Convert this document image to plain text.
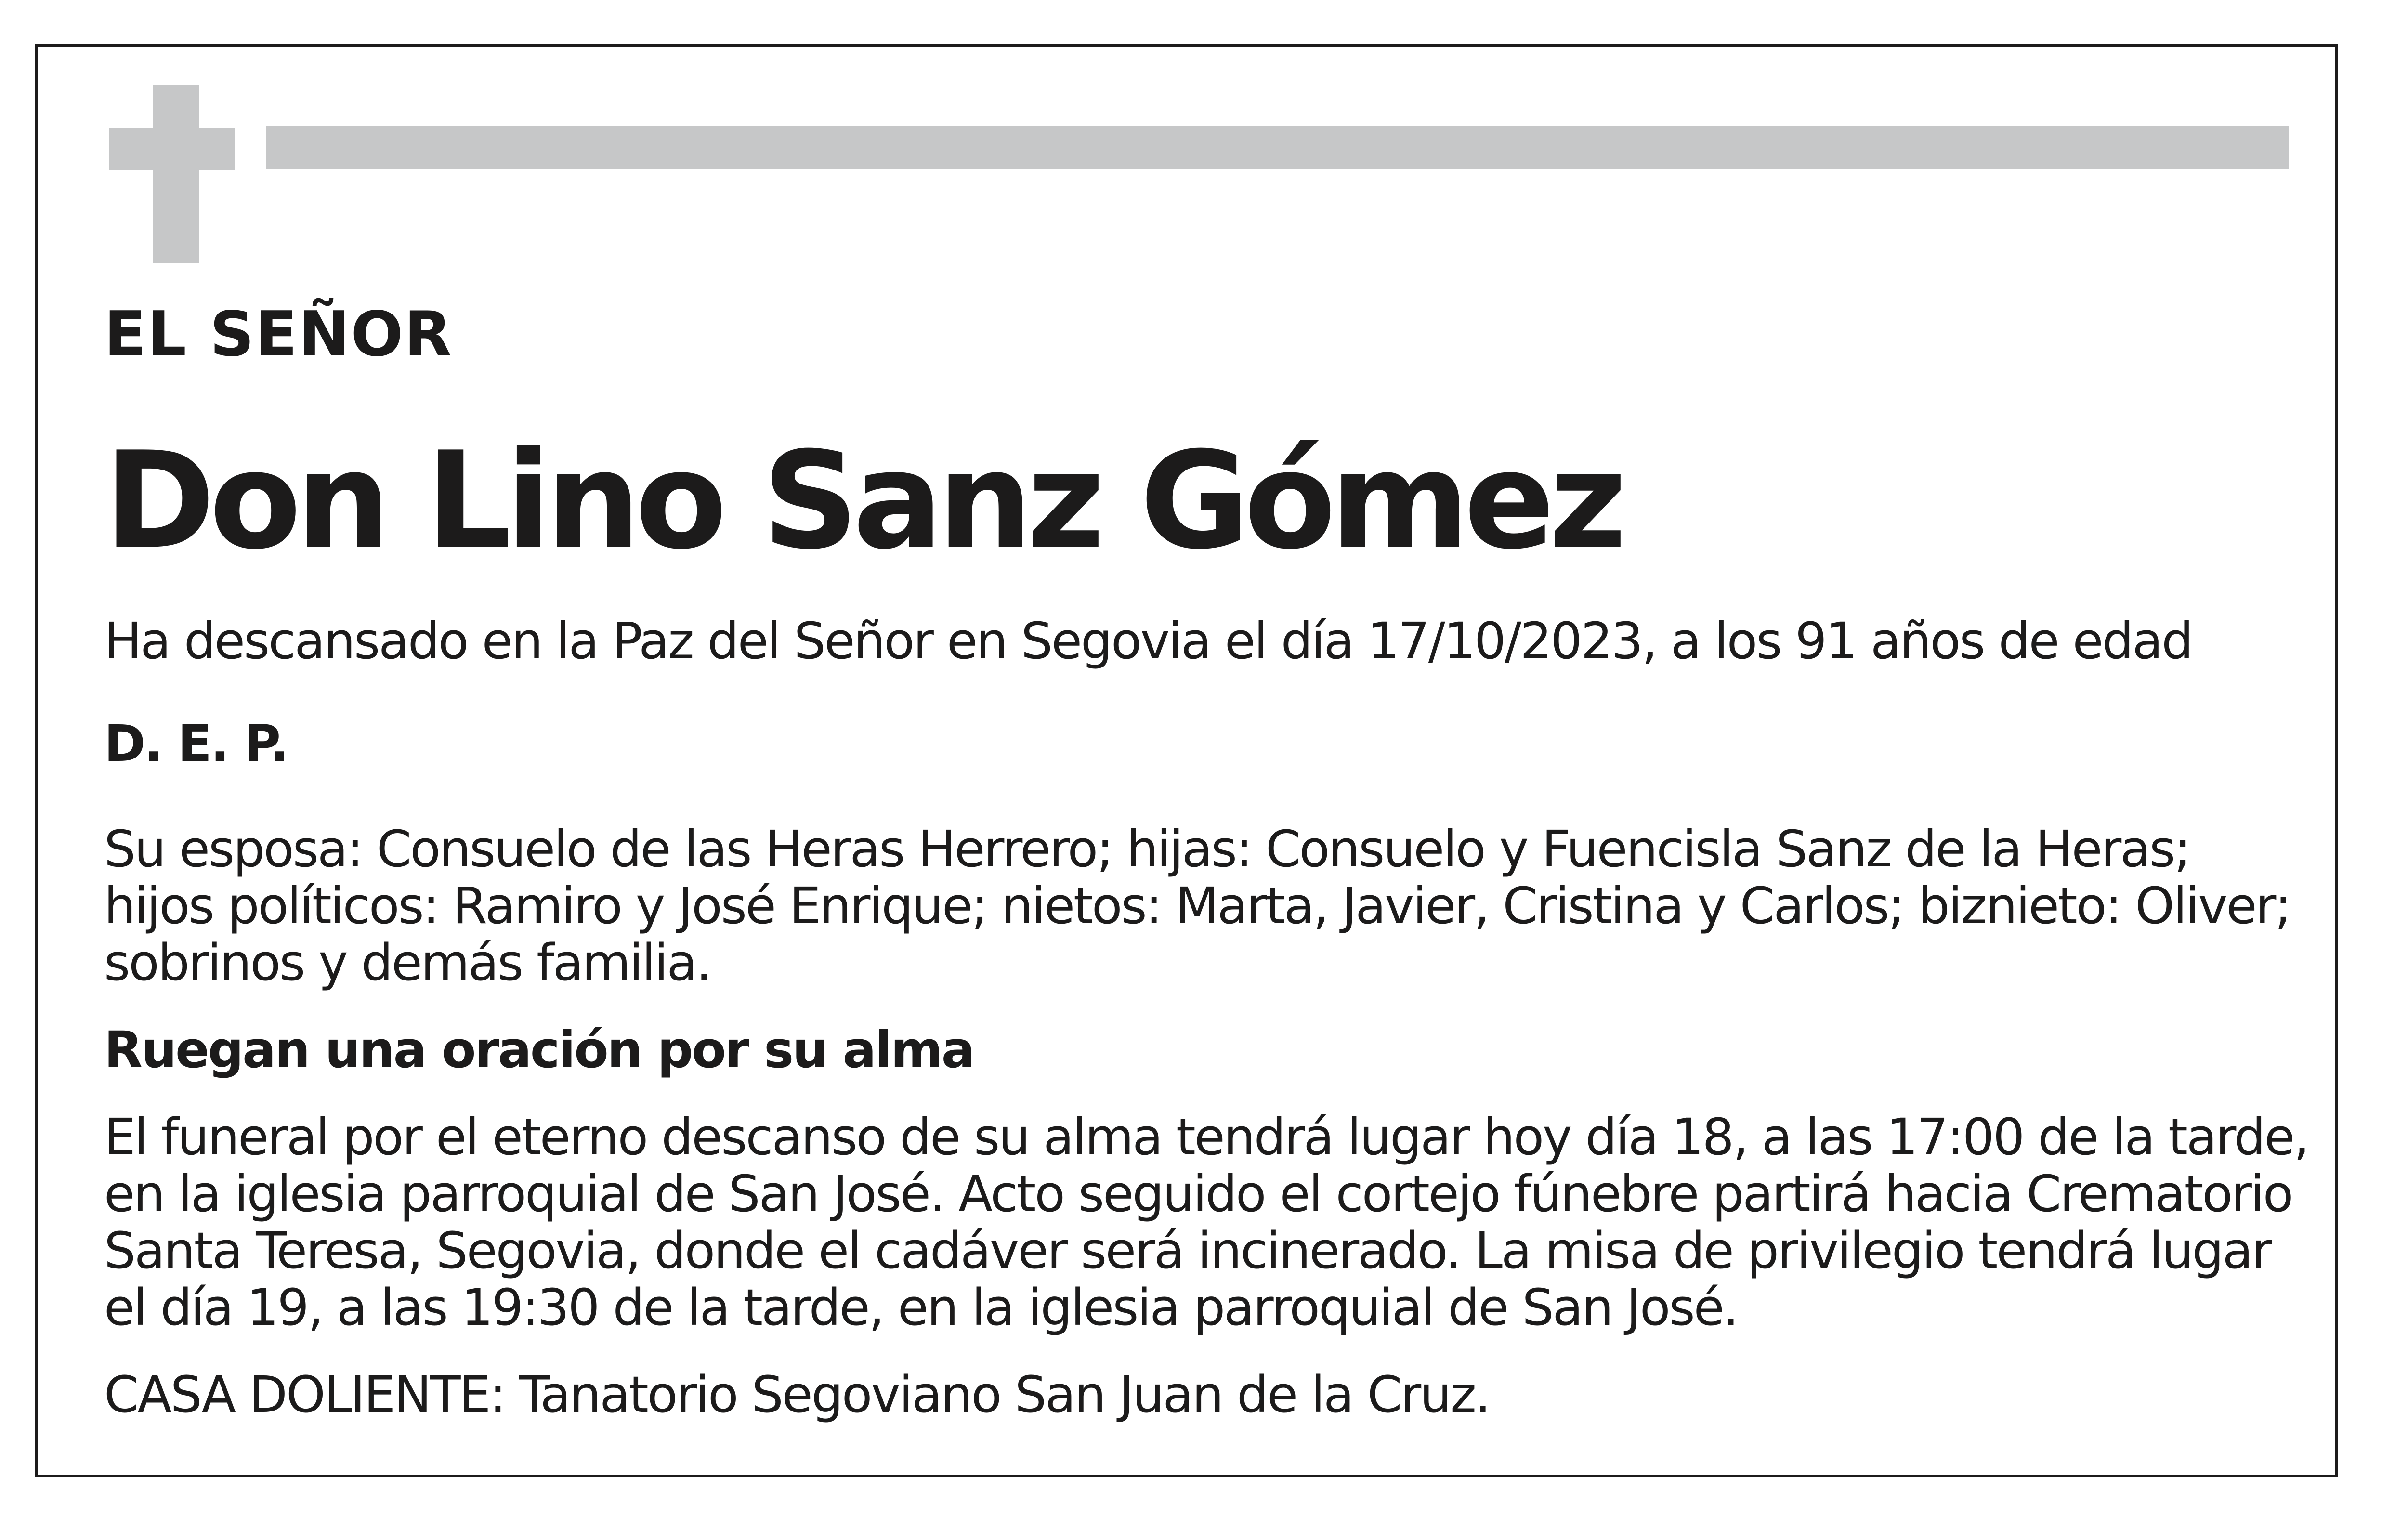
EL SEÑOR

Don Lino Sanz Gómez

Ha descansado en la Paz del Señor en Segovia el día 17/10/2023, a los 91 años de edad

D. E. P.

Su esposa: Consuelo de las Heras Herrero; hijas: Consuelo y Fuencisla Sanz de la Heras;

hijos políticos: Ramiro y José Enrique; nietos: Marta, Javier, Cristina y Carlos; biznieto: Oliver;

sobrinos y demás familia.

Ruegan una oración por su alma

El funeral por el eterno descanso de su alma tendrá lugar hoy día 18, a las 17:00 de la tarde,

en la iglesia parroquial de San José. Acto seguido el cortejo fúnebre partirá hacia Crematorio

Santa Teresa, Segovia, donde el cadáver será incinerado. La misa de privilegio tendrá lugar

el día 19, a las 19:30 de la tarde, en la iglesia parroquial de San José.

CASA DOLIENTE: Tanatorio Segoviano San Juan de la Cruz.
